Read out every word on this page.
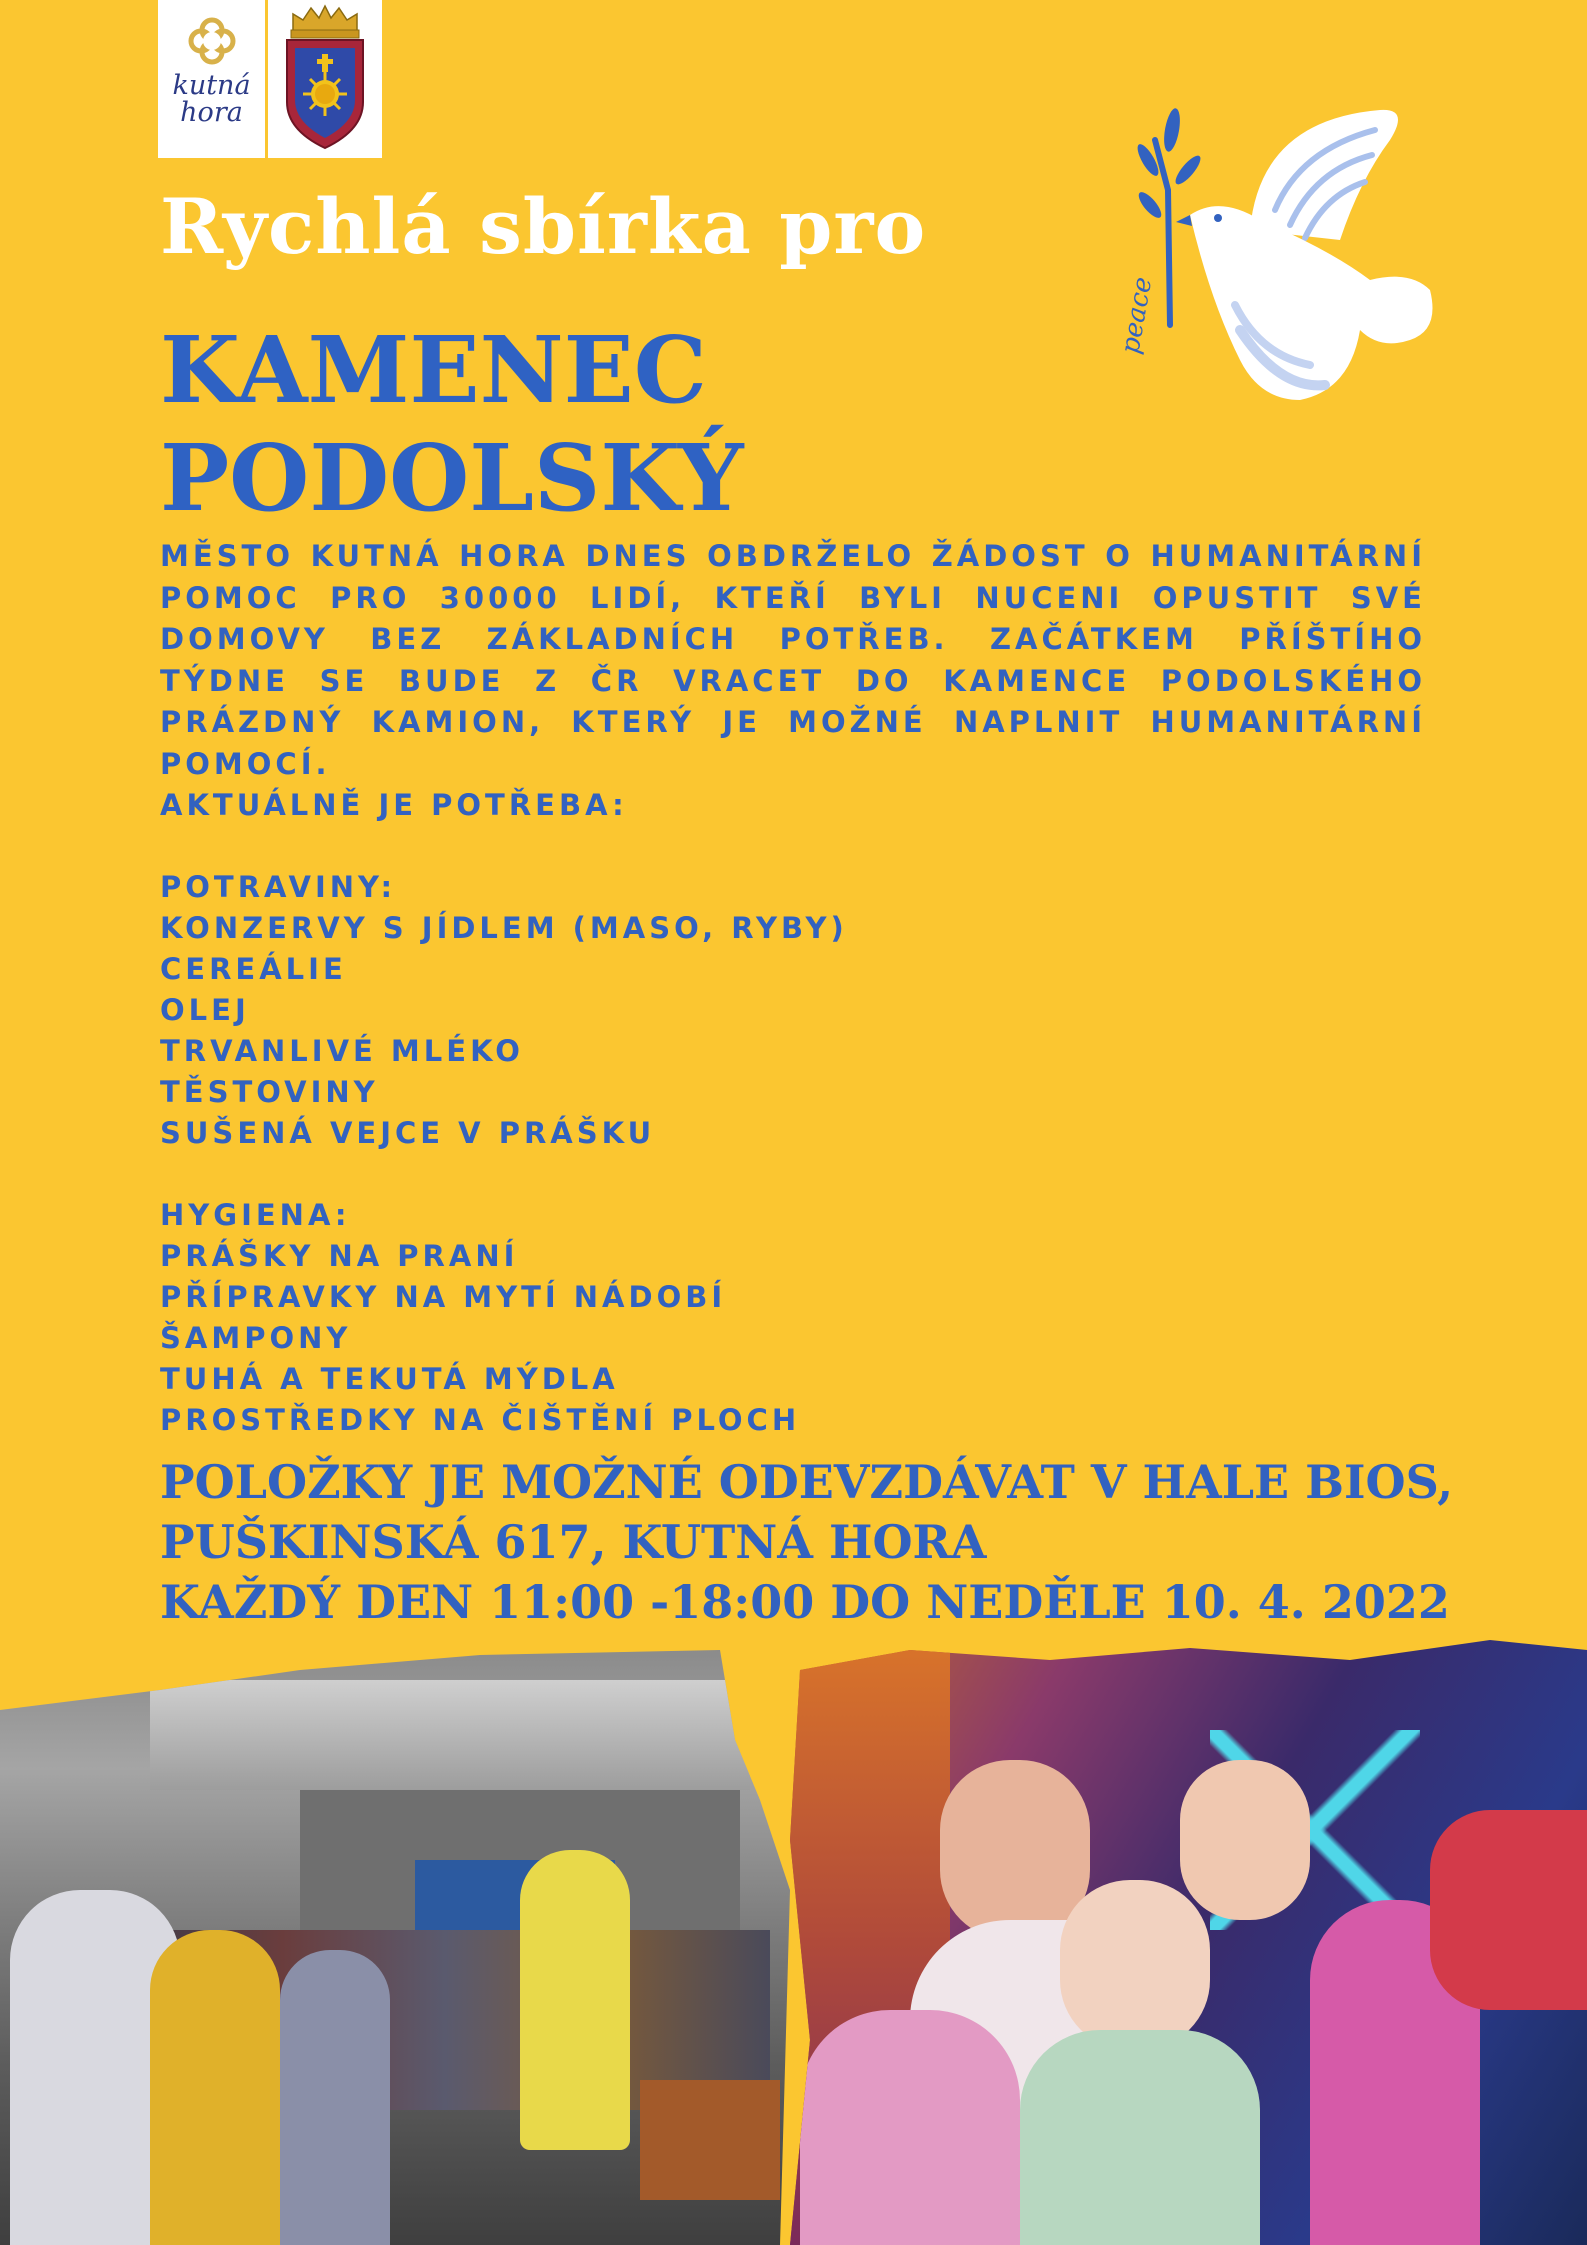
kutná
hora
Rychlá sbírka pro
KAMENEC
PODOLSKÝ
peace
MĚSTO KUTNÁ HORA DNES OBDRŽELO ŽÁDOST O HUMANITÁRNÍ POMOC PRO 30000 LIDÍ, KTEŘÍ BYLI NUCENI OPUSTIT SVÉ DOMOVY BEZ ZÁKLADNÍCH POTŘEB. ZAČÁTKEM PŘÍŠTÍHO TÝDNE SE BUDE Z ČR VRACET DO KAMENCE PODOLSKÉHO PRÁZDNÝ KAMION, KTERÝ JE MOŽNÉ NAPLNIT HUMANITÁRNÍ POMOCÍ.
AKTUÁLNĚ JE POTŘEBA:
POTRAVINY:
KONZERVY S JÍDLEM (MASO, RYBY)
CEREÁLIE
OLEJ
TRVANLIVÉ MLÉKO
TĚSTOVINY
SUŠENÁ VEJCE V PRÁŠKU
HYGIENA:
PRÁŠKY NA PRANÍ
PŘÍPRAVKY NA MYTÍ NÁDOBÍ
ŠAMPONY
TUHÁ A TEKUTÁ MÝDLA
PROSTŘEDKY NA ČIŠTĚNÍ PLOCH
POLOŽKY JE MOŽNÉ ODEVZDÁVAT V HALE BIOS,
PUŠKINSKÁ 617, KUTNÁ HORA
KAŽDÝ DEN 11:00 -18:00 DO NEDĚLE 10. 4. 2022
